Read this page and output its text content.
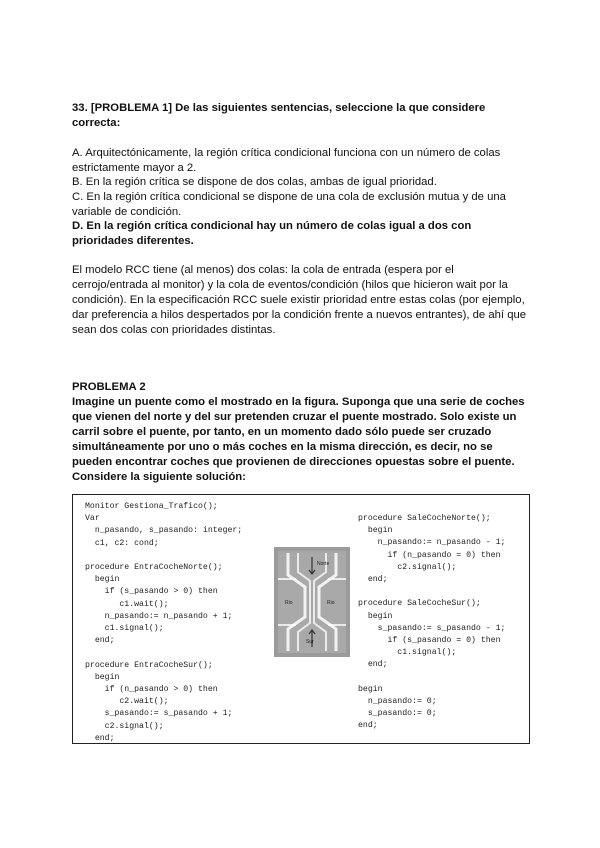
33. [PROBLEMA 1] De las siguientes sentencias, seleccione la que considere correcta:
A. Arquitectónicamente, la región crítica condicional funciona con un número de colas estrictamente mayor a 2.
B. En la región crítica se dispone de dos colas, ambas de igual prioridad.
C. En la región crítica condicional se dispone de una cola de exclusión mutua y de una variable de condición.
D. En la región crítica condicional hay un número de colas igual a dos con prioridades diferentes.
El modelo RCC tiene (al menos) dos colas: la cola de entrada (espera por el cerrojo/entrada al monitor) y la cola de eventos/condición (hilos que hicieron wait por la condición). En la especificación RCC suele existir prioridad entre estas colas (por ejemplo, dar preferencia a hilos despertados por la condición frente a nuevos entrantes), de ahí que sean dos colas con prioridades distintas.
PROBLEMA 2
Imagine un puente como el mostrado en la figura. Suponga que una serie de coches que vienen del norte y del sur pretenden cruzar el puente mostrado. Solo existe un carril sobre el puente, por tanto, en un momento dado sólo puede ser cruzado simultáneamente por uno o más coches en la misma dirección, es decir, no se pueden encontrar coches que provienen de direcciones opuestas sobre el puente. Considere la siguiente solución:
Monitor Gestiona_Trafico();
Var
n_pasando, s_pasando: integer;
c1, c2: cond;

procedure EntraCocheNorte();
begin
if (s_pasando > 0) then
c1.wait();
n_pasando:= n_pasando + 1;
c1.signal();
end;

procedure EntraCocheSur();
begin
if (n_pasando > 0) then
c2.wait();
s_pasando:= s_pasando + 1;
c2.signal();
end;
procedure SaleCocheNorte();
begin
n_pasando:= n_pasando - 1;
if (n_pasando = 0) then
c2.signal();
end;

procedure SaleCocheSur();
begin
s_pasando:= s_pasando - 1;
if (s_pasando = 0) then
c1.signal();
end;

begin
n_pasando:= 0;
s_pasando:= 0;
end;
Norte
Sur
Rio	Rio
